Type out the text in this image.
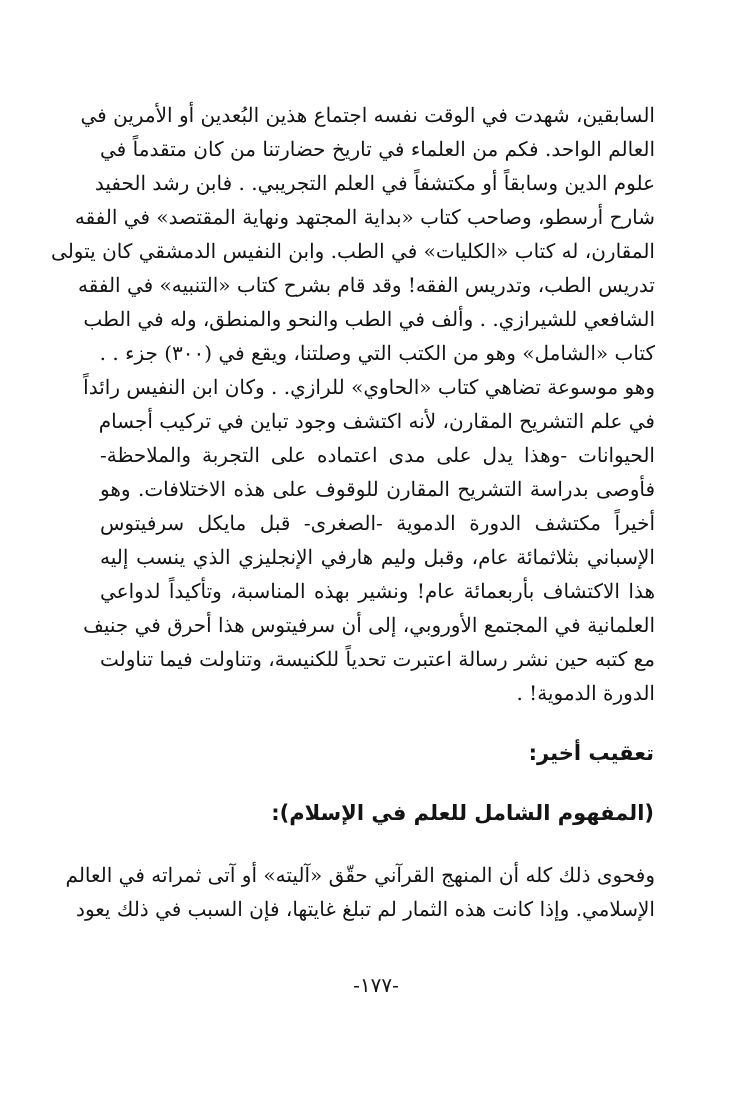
السابقين، شهدت في الوقت نفسه اجتماع هذين البُعدين أو الأمرين في
العالم الواحد. فكم من العلماء في تاريخ حضارتنا من كان متقدماً في
علوم الدين وسابقاً أو مكتشفاً في العلم التجريبي. . فابن رشد الحفيد
شارح أرسطو، وصاحب كتاب «بداية المجتهد ونهاية المقتصد» في الفقه
المقارن، له كتاب «الكليات» في الطب. وابن النفيس الدمشقي كان يتولى
تدريس الطب، وتدريس الفقه! وقد قام بشرح كتاب «التنبيه» في الفقه
الشافعي للشيرازي. . وألف في الطب والنحو والمنطق، وله في الطب
كتاب «الشامل» وهو من الكتب التي وصلتنا، ويقع في (٣٠٠) جزء . .
وهو موسوعة تضاهي كتاب «الحاوي» للرازي. . وكان ابن النفيس رائداً
في علم التشريح المقارن، لأنه اكتشف وجود تباين في تركيب أجسام
الحيوانات -وهذا يدل على مدى اعتماده على التجربة والملاحظة-
فأوصى بدراسة التشريح المقارن للوقوف على هذه الاختلافات. وهو
أخيراً مكتشف الدورة الدموية -الصغرى- قبل مايكل سرفيتوس
الإسباني بثلاثمائة عام، وقبل وليم هارفي الإنجليزي الذي ينسب إليه
هذا الاكتشاف بأربعمائة عام! ونشير بهذه المناسبة، وتأكيداً لدواعي
العلمانية في المجتمع الأوروبي، إلى أن سرفيتوس هذا أحرق في جنيف
مع كتبه حين نشر رسالة اعتبرت تحدياً للكنيسة، وتناولت فيما تناولت
الدورة الدموية! .
تعقيب أخير:
(المفهوم الشامل للعلم في الإسلام):
وفحوى ذلك كله أن المنهج القرآني حقّق «آليته» أو آتى ثمراته في العالم
الإسلامي. وإذا كانت هذه الثمار لم تبلغ غايتها، فإن السبب في ذلك يعود
-١٧٧-
